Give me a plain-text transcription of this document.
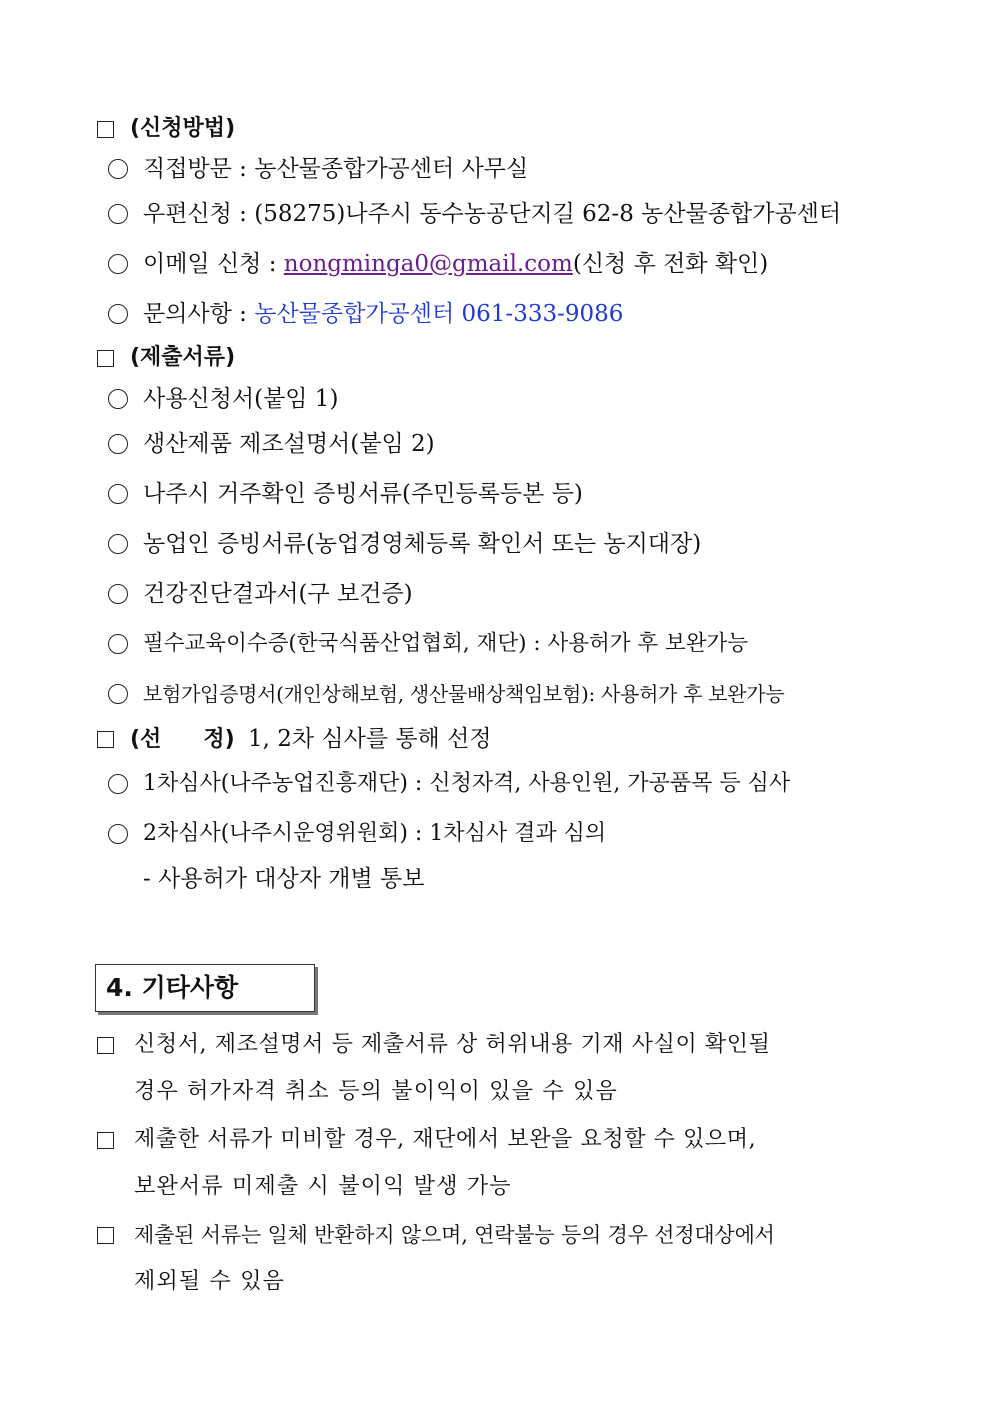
(신청방법)
직접방문 : 농산물종합가공센터 사무실
우편신청 : (58275)나주시 동수농공단지길 62-8 농산물종합가공센터
이메일 신청 : nongminga0@gmail.com(신청 후 전화 확인)
문의사항 : 농산물종합가공센터 061-333-9086
(제출서류)
사용신청서(붙임 1)
생산제품 제조설명서(붙임 2)
나주시 거주확인 증빙서류(주민등록등본 등)
농업인 증빙서류(농업경영체등록 확인서 또는 농지대장)
건강진단결과서(구 보건증)
필수교육이수증(한국식품산업협회, 재단) : 사용허가 후 보완가능
보험가입증명서(개인상해보험, 생산물배상책임보험): 사용허가 후 보완가능
(선 정) 1, 2차 심사를 통해 선정
1차심사(나주농업진흥재단) : 신청자격, 사용인원, 가공품목 등 심사
2차심사(나주시운영위원회) : 1차심사 결과 심의
- 사용허가 대상자 개별 통보
4. 기타사항
신청서, 제조설명서 등 제출서류 상 허위내용 기재 사실이 확인될
경우 허가자격 취소 등의 불이익이 있을 수 있음
제출한 서류가 미비할 경우, 재단에서 보완을 요청할 수 있으며,
보완서류 미제출 시 불이익 발생 가능
제출된 서류는 일체 반환하지 않으며, 연락불능 등의 경우 선정대상에서
제외될 수 있음
